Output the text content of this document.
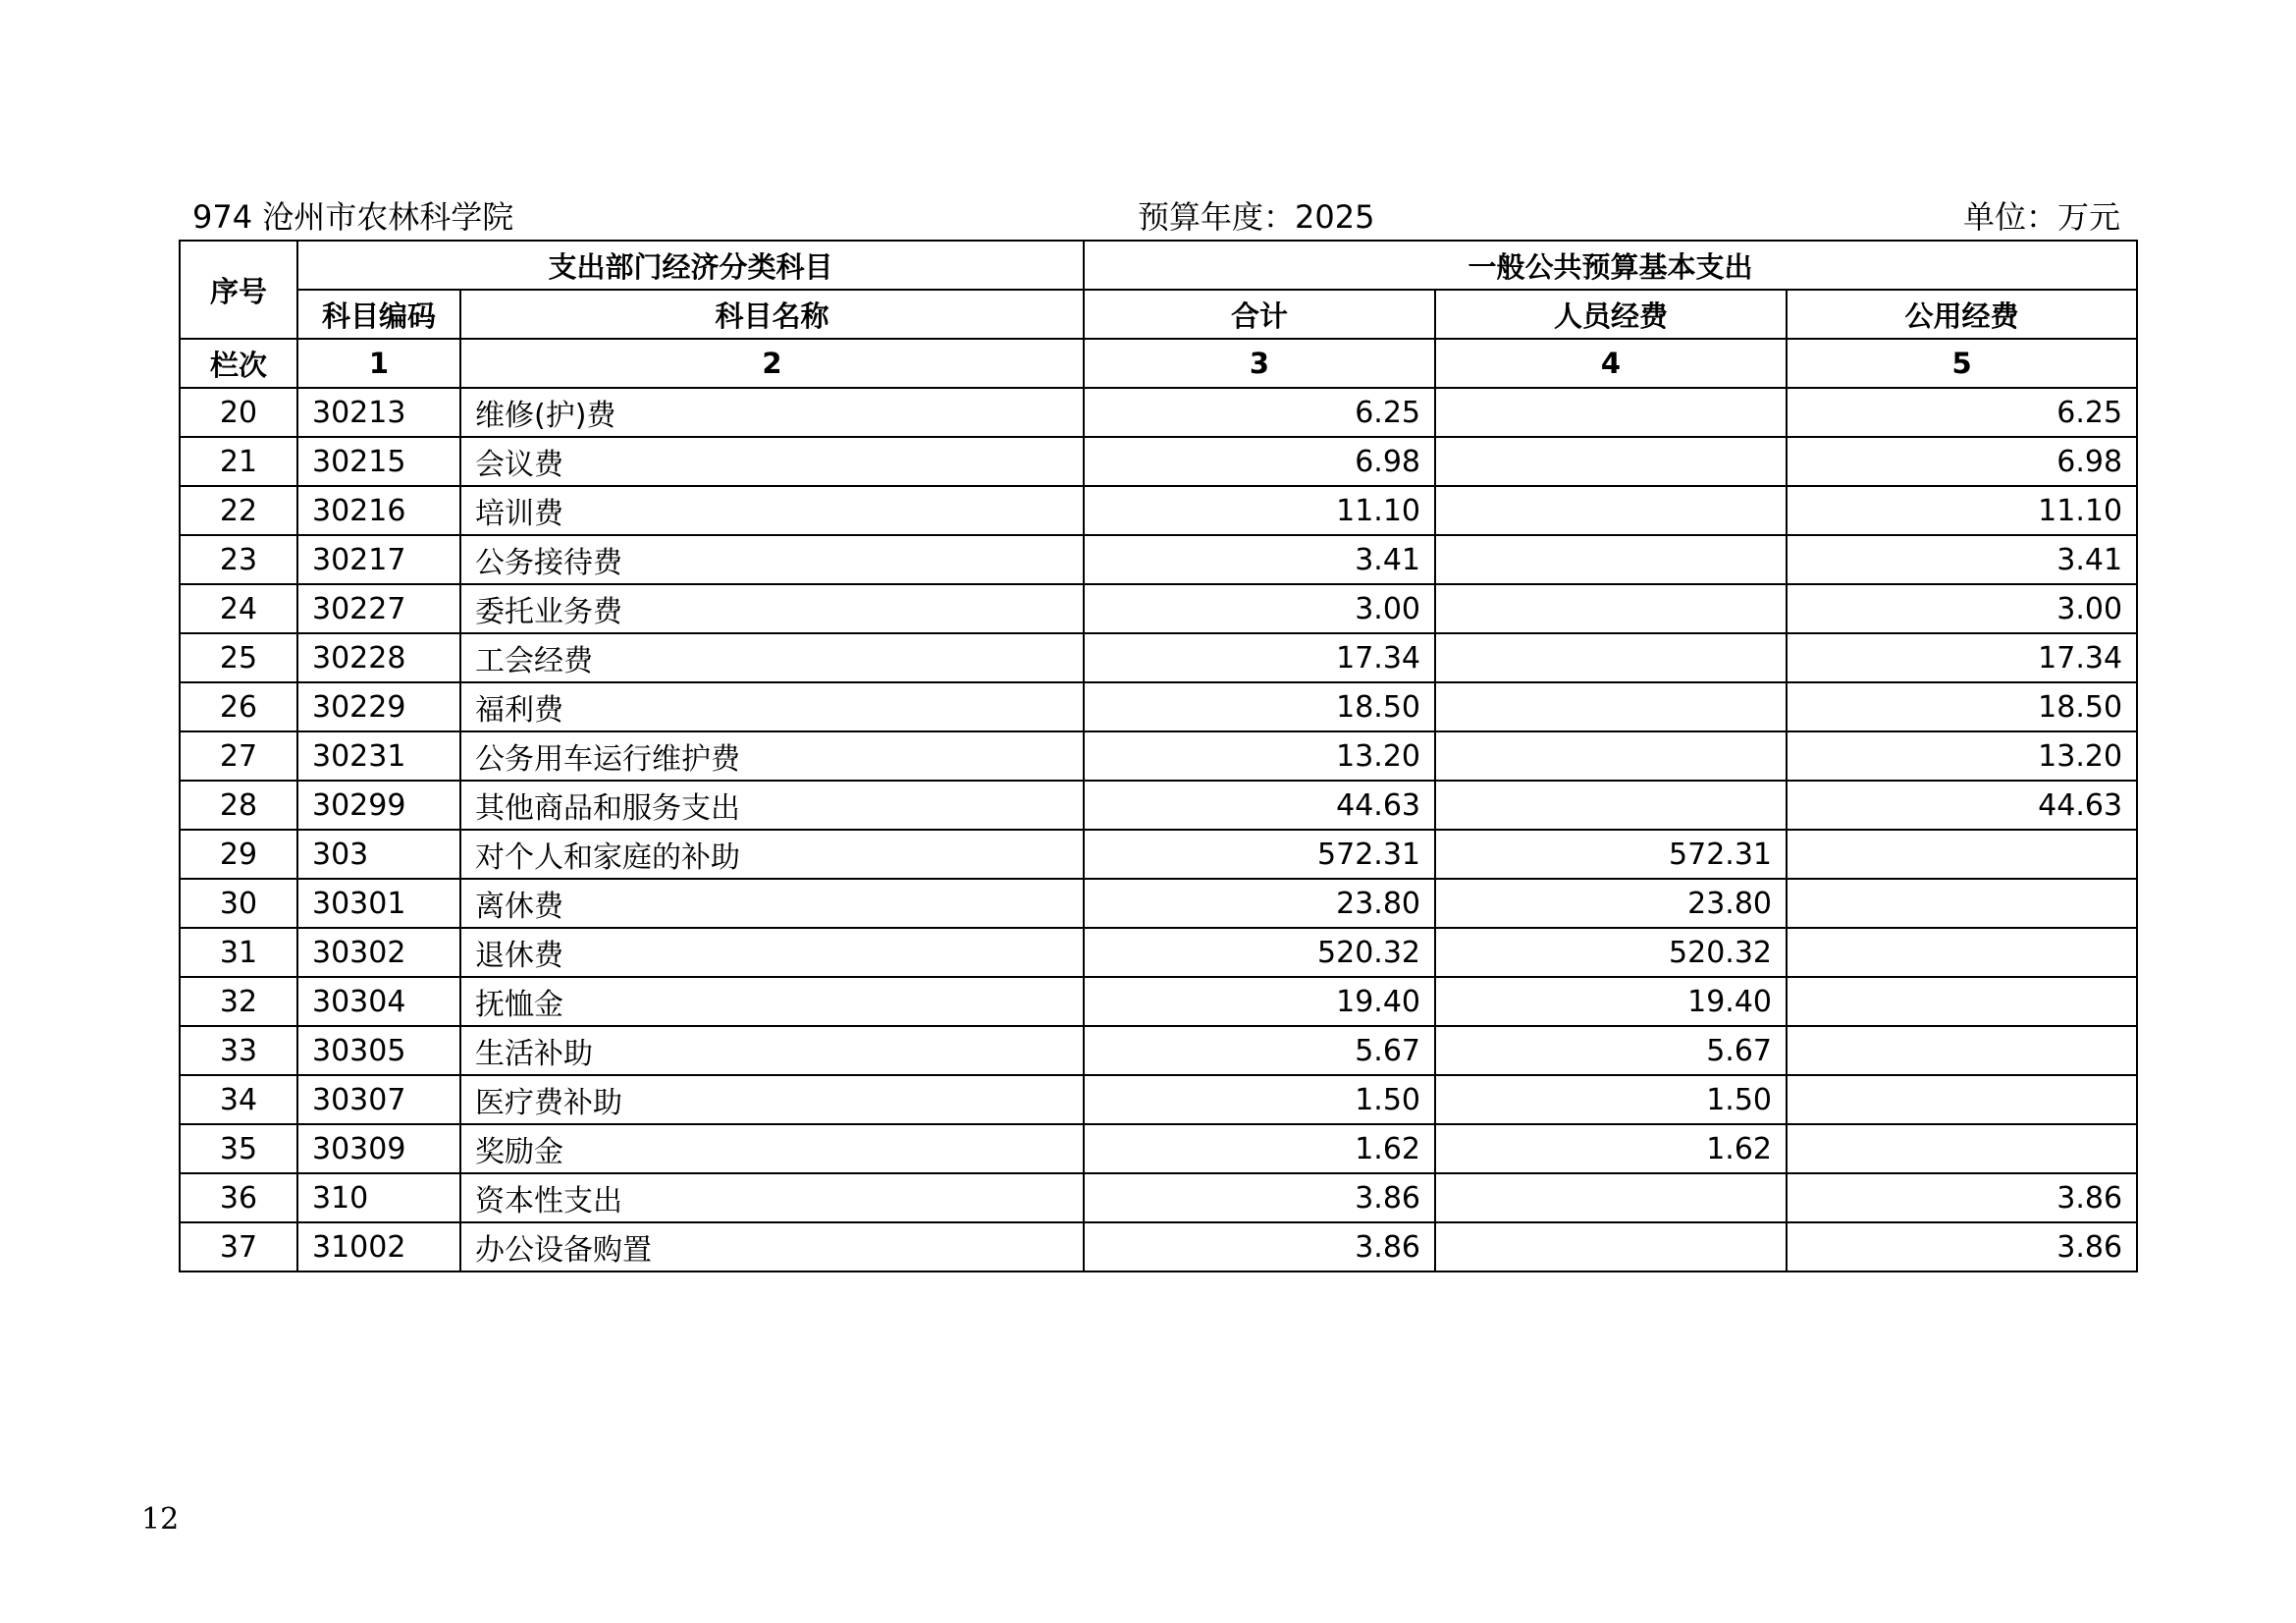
974 沧州市农林科学院	预算年度：2025	单位：万元
序号	支出部门经济分类科目		一般公共预算基本支出		
	科目编码	科目名称	合计	人员经费	公用经费
栏次	1	2	3	4	5
20	30213	维修(护)费	6.25		6.25
21	30215	会议费	6.98		6.98
22	30216	培训费	11.10		11.10
23	30217	公务接待费	3.41		3.41
24	30227	委托业务费	3.00		3.00
25	30228	工会经费	17.34		17.34
26	30229	福利费	18.50		18.50
27	30231	公务用车运行维护费	13.20		13.20
28	30299	其他商品和服务支出	44.63		44.63
29	303	对个人和家庭的补助	572.31	572.31	
30	30301	离休费	23.80	23.80	
31	30302	退休费	520.32	520.32	
32	30304	抚恤金	19.40	19.40	
33	30305	生活补助	5.67	5.67	
34	30307	医疗费补助	1.50	1.50	
35	30309	奖励金	1.62	1.62	
36	310	资本性支出	3.86		3.86
37	31002	办公设备购置	3.86		3.86
12
